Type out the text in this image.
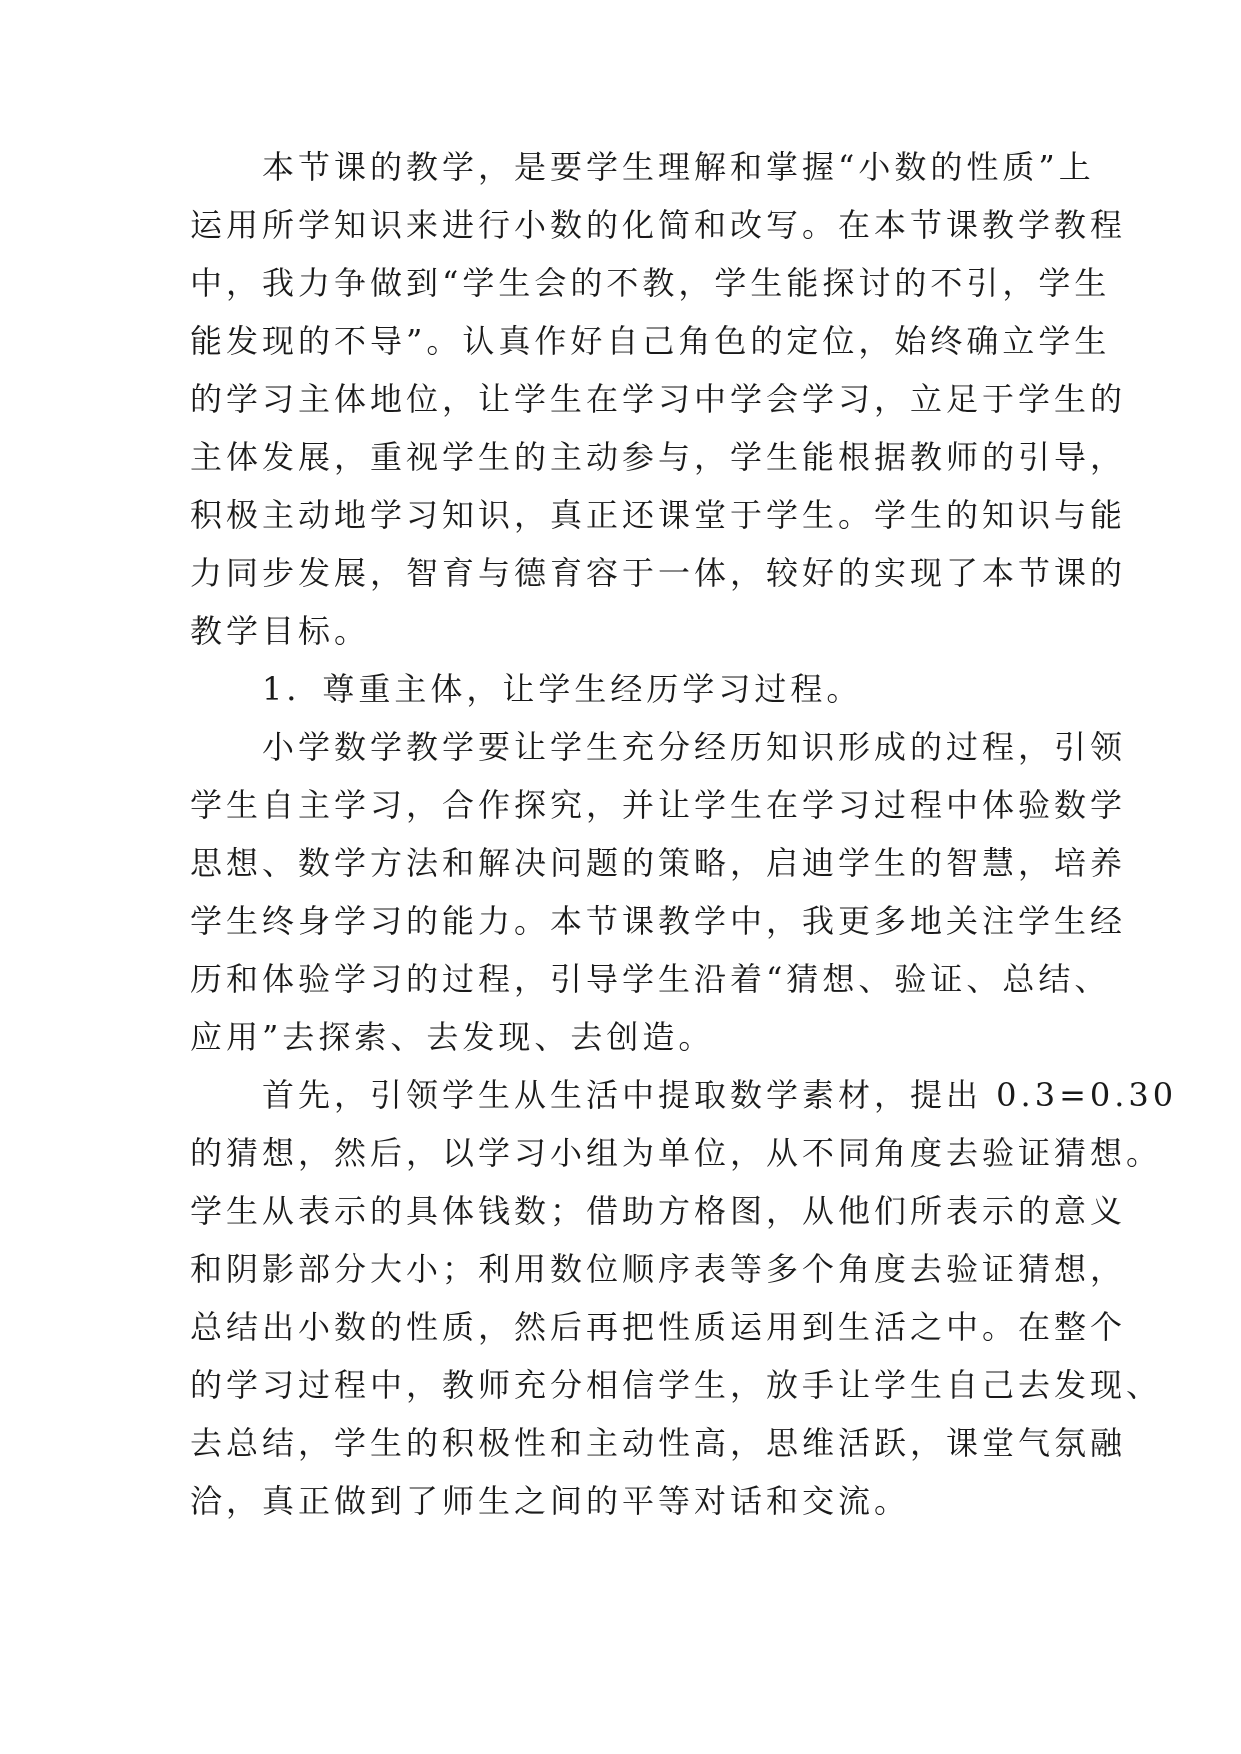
　　本节课的教学，是要学生理解和掌握“小数的性质”上
运用所学知识来进行小数的化简和改写。在本节课教学教程
中，我力争做到“学生会的不教，学生能探讨的不引，学生
能发现的不导”。认真作好自己角色的定位，始终确立学生
的学习主体地位，让学生在学习中学会学习，立足于学生的
主体发展，重视学生的主动参与，学生能根据教师的引导，
积极主动地学习知识，真正还课堂于学生。学生的知识与能
力同步发展，智育与德育容于一体，较好的实现了本节课的
教学目标。
　　1．尊重主体，让学生经历学习过程。
　　小学数学教学要让学生充分经历知识形成的过程，引领
学生自主学习，合作探究，并让学生在学习过程中体验数学
思想、数学方法和解决问题的策略，启迪学生的智慧，培养
学生终身学习的能力。本节课教学中，我更多地关注学生经
历和体验学习的过程，引导学生沿着“猜想、验证、总结、
应用”去探索、去发现、去创造。
　　首先，引领学生从生活中提取数学素材，提出 0.3=0.30
的猜想，然后，以学习小组为单位，从不同角度去验证猜想。
学生从表示的具体钱数；借助方格图，从他们所表示的意义
和阴影部分大小；利用数位顺序表等多个角度去验证猜想，
总结出小数的性质，然后再把性质运用到生活之中。在整个
的学习过程中，教师充分相信学生，放手让学生自己去发现、
去总结，学生的积极性和主动性高，思维活跃，课堂气氛融
洽，真正做到了师生之间的平等对话和交流。
